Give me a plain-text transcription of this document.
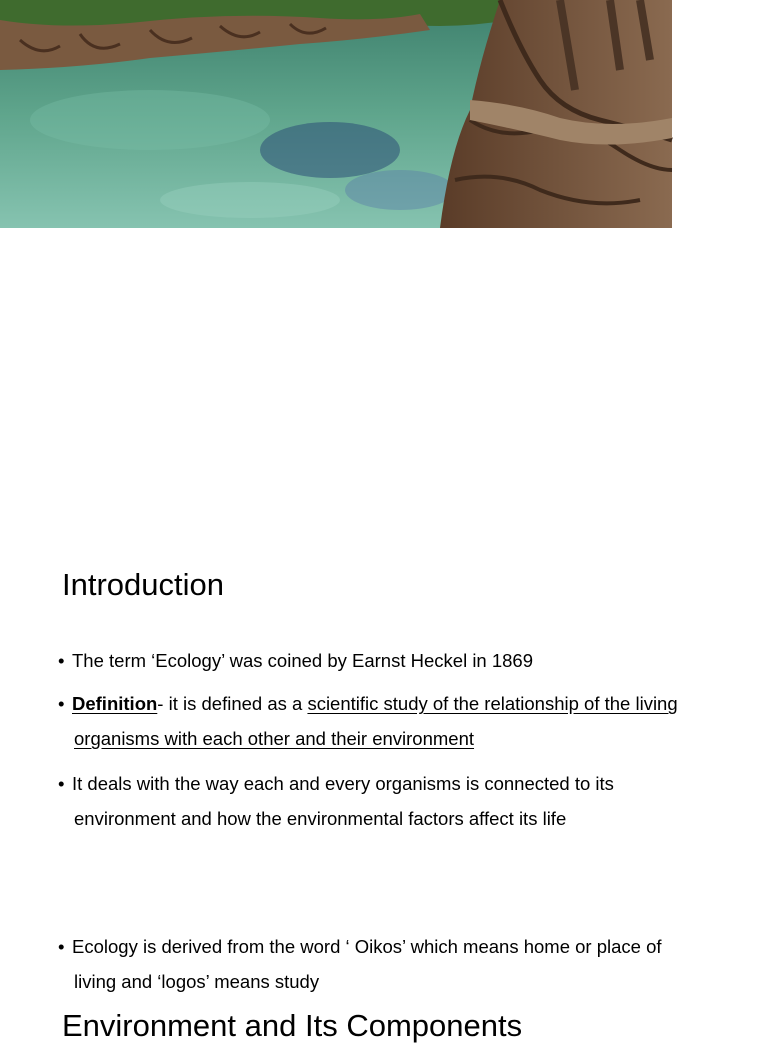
Introduction
• The term ‘Ecology’ was coined by Earnst Heckel in 1869
• Definition- it is defined as a scientific study of the relationship of the living
organisms with each other and their environment
• It deals with the way each and every organisms is connected to its
environment and how the environmental factors affect its life
• Ecology is derived from the word ‘ Oikos’ which means home or place of
living and ‘logos’ means study
Environment and Its Components
